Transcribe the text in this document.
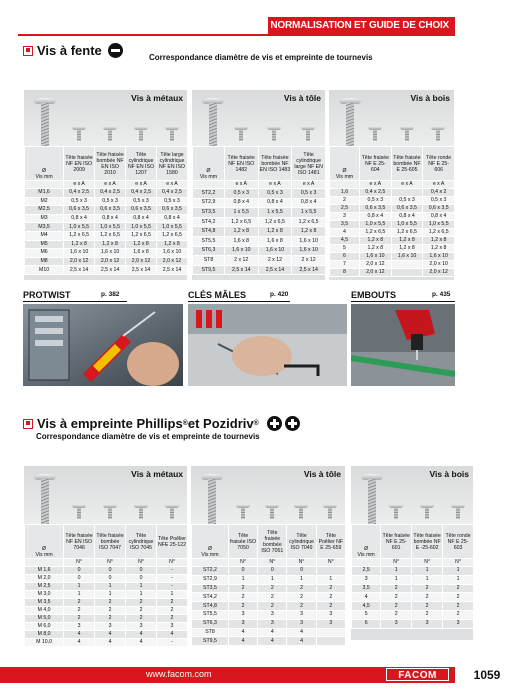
NORMALISATION ET GUIDE DE CHOIX
Vis à fente	Correspondance diamètre de vis et empreinte de tournevis
Vis à métaux
Ø
Vis mm	Tête fraisée NF EN ISO 2009	Tête fraisée bombée NF EN ISO 2010	Tête cylindrique NF EN ISO 1207	Tête large cylindrique NF EN ISO 1580
	e x A	e x A	e x A	e x A
M1,6	0,4 x 2,5	0,4 x 2,5	0,4 x 2,5	0,4 x 2,5
M2	0,5 x 3	0,5 x 3	0,5 x 3	0,5 x 3
M2,5	0,6 x 3,5	0,6 x 3,5	0,6 x 3,5	0,6 x 3,5
M3	0,8 x 4	0,8 x 4	0,8 x 4	0,8 x 4
M3,5	1,0 x 5,5	1,0 x 5,5	1,0 x 5,5	1,0 x 5,5
M4	1,2 x 6,5	1,2 x 6,5	1,2 x 6,5	1,2 x 6,5
M5	1,2 x 8	1,2 x 8	1,2 x 8	1,2 x 8
M6	1,6 x 10	1,6 x 10	1,6 x 8	1,6 x 10
M8	2,0 x 12	2,0 x 12	2,0 x 12	2,0 x 12
M10	2,5 x 14	2,5 x 14	2,5 x 14	2,5 x 14
Vis à tôle
Ø
Vis mm	Tête fraisée NF EN ISO 1482	Tête fraisée bombée NF EN ISO 1483	Tête cylindrique large NF EN ISO 1481
	e x A	e x A	e x A
ST2,2	0,5 x 3	0,5 x 3	0,5 x 3
ST2,9	0,8 x 4	0,8 x 4	0,8 x 4
ST3,5	1 x 5,5	1 x 5,5	1 x 5,5
ST4,2	1,2 x 6,5	1,2 x 6,5	1,2 x 6,5
ST4,8	1,2 x 8	1,2 x 8	1,2 x 8
ST5,5	1,6 x 8	1,6 x 8	1,6 x 10
ST6,3	1,6 x 10	1,6 x 10	1,6 x 10
ST8	2 x 12	2 x 12	2 x 12
ST9,5	2,5 x 14	2,5 x 14	2,5 x 14
Vis à bois
Ø
Vis mm	Tête fraisée NF E 25-604	Tête fraisée bombée NF E 25-605	Tête ronde NF E 25-606
	e x A	e x A	e x A
1,6	0,4 x 2,5		0,4 x 2
2	0,5 x 3	0,5 x 3	0,5 x 3
2,5	0,6 x 3,5	0,6 x 3,5	0,6 x 3,5
3	0,8 x 4	0,8 x 4	0,8 x 4
3,5	1,0 x 5,5	1,0 x 5,5	1,0 x 5,5
4	1,2 x 6,5	1,2 x 6,5	1,2 x 6,5
4,5	1,2 x 8	1,2 x 8	1,2 x 8
5	1,2 x 8	1,2 x 8	1,2 x 8
6	1,6 x 10	1,6 x 10	1,6 x 10
7	2,0 x 12		2,0 x 10
8	2,0 x 12		2,0 x 12
PROTWIST	p. 382	CLÉS MÂLES	p. 420	EMBOUTS	p. 435
Vis à empreinte Phillips ® et Pozidriv ®
Correspondance diamètre de vis et empreinte de tournevis
Vis à métaux
Ø
Vis mm	Tête fraisée NF EN ISO 7046	Tête fraisée bombée ISO 7047	Tête cylindrique ISO 7045	Tête Poêlier NFE 25-122
	N°	N°	N°	N°
M 1,6	0	0	0	-
M 2,0	0	0	0	-
M 2,5	1	1	1	-
M 3,0	1	1	1	1
M 3,5	2	2	2	2
M 4,0	2	2	2	2
M 5,0	2	2	2	2
M 6,0	3	3	3	3
M 8,0	4	4	4	4
M 10,0	4	4	4	-
Vis à tôle
Ø
Vis mm	Tête fraisée ISO 7050	Tête fraisée bombée ISO 7051	Tête cylindrique ISO 7049	Tête Poêlier NF E 25-659
	N°	N°	N°	N°
ST2,2	0	0	0	
ST2,9	1	1	1	1
ST3,5	2	2	2	2
ST4,2	2	2	2	2
ST4,8	2	2	2	2
ST5,5	3	3	3	3
ST6,3	3	3	3	3
ST8	4	4	4	
ST9,5	4	4	4	
Vis à bois
Ø
Vis mm	Tête fraisée NF E 25-601	Tête fraisée bombée NF E -25-602	Tête ronde NF E 25-603
	N°	N°	N°
2,5	1	1	1
3	1	1	1
3,5	2	2	2
4	2	2	2
4,5	2	2	2
5	2	2	2
6	3	3	3
www.facom.com	FACOM	1059
